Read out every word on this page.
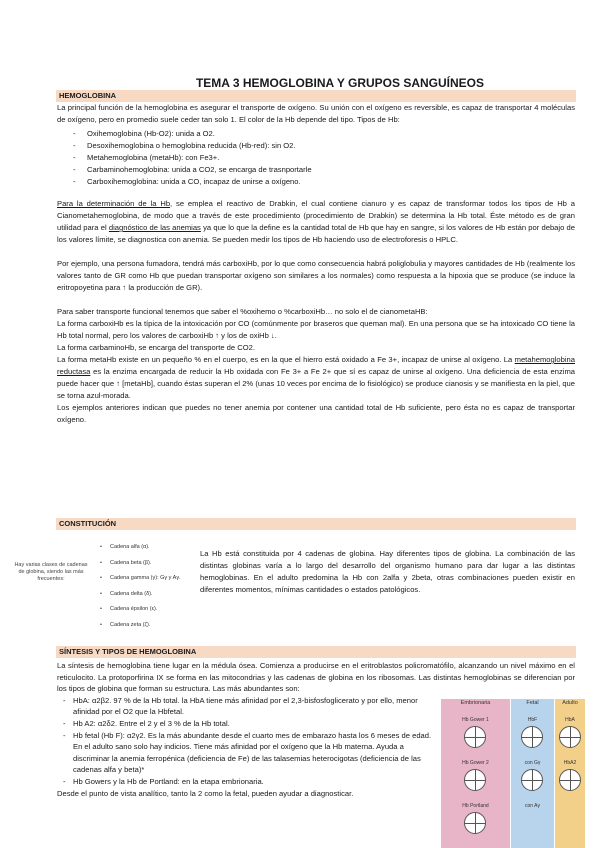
TEMA 3 HEMOGLOBINA Y GRUPOS SANGUÍNEOS
HEMOGLOBINA

La principal función de la hemoglobina es asegurar el transporte de oxígeno. Su unión con el oxígeno es reversible, es capaz de transportar 4 moléculas de oxígeno, pero en promedio suele ceder tan solo 1. El color de la Hb depende del tipo. Tipos de Hb:

- Oxihemoglobina (Hb-O2): unida a O2.
- Desoxihemoglobina o hemoglobina reducida (Hb-red): sin O2.
- Metahemoglobina (metaHb): con Fe3+.
- Carbaminohemoglobina: unida a CO2, se encarga de trasnportarle
- Carboxihemoglobina: unida a CO, incapaz de unirse a oxígeno.

Para la determinación de la Hb, se emplea el reactivo de Drabkin, el cual contiene cianuro y es capaz de transformar todos los tipos de Hb a Cianometahemoglobina, de modo que a través de este procedimiento (procedimiento de Drabkin) se determina la Hb total. Éste método es de gran utilidad para el diagnóstico de las anemias ya que lo que la define es la cantidad total de Hb que hay en sangre, si los valores de Hb están por debajo de los valores límite, se diagnostica con anemia. Se pueden medir los tipos de Hb haciendo uso de electroforesis o HPLC.

Por ejemplo, una persona fumadora, tendrá más carboxiHb, por lo que como consecuencia habrá poliglobulia y mayores cantidades de Hb (realmente los valores tanto de GR como Hb que puedan transportar oxígeno son similares a los normales) como respuesta a la hipoxia que se produce (se induce la eritropoyetina para ↑ la producción de GR).

Para saber transporte funcional tenemos que saber el %oxihemo o %carboxiHb… no solo el de cianometaHB:

La forma carboxiHb es la típica de la intoxicación por CO (comúnmente por braseros que queman mal). En una persona que se ha intoxicado CO tiene la Hb total normal, pero los valores de carboxiHb ↑ y los de oxiHb ↓.

La forma carbaminoHb, se encarga del transporte de CO2.

La forma metaHb existe en un pequeño % en el cuerpo, es en la que el hierro está oxidado a Fe 3+, incapaz de unirse al oxígeno. La metahemoglobina reductasa es la enzima encargada de reducir la Hb oxidada con Fe 3+ a Fe 2+ que sí es capaz de unirse al oxígeno. Una deficiencia de esta enzima puede hacer que ↑ [metaHb], cuando éstas superan el 2% (unas 10 veces por encima de lo fisiológico) se produce cianosis y se manifiesta en la piel, que se torna azul-morada.

Los ejemplos anteriores indican que puedes no tener anemia por contener una cantidad total de Hb suficiente, pero ésta no es capaz de transportar oxígeno.

CONSTITUCIÓN
Hay varias clases de cadenas de globina, siendo las más frecuentes:
• Cadena alfa (α).
• Cadena beta (β).
• Cadena gamma (γ): Gγ y Aγ.
• Cadena delta (δ).
• Cadena épsilon (ε).
• Cadena zeta (ζ).
La Hb está constituida por 4 cadenas de globina. Hay diferentes tipos de globina. La combinación de las distintas globinas varía a lo largo del desarrollo del organismo humano para dar lugar a las distintas hemoglobinas. En el adulto predomina la Hb con 2alfa y 2beta, otras combinaciones pueden existir en diferentes momentos, mínimas cantidades o estados patológicos.
SÍNTESIS Y TIPOS DE HEMOGLOBINA

La síntesis de hemoglobina tiene lugar en la médula ósea. Comienza a producirse en el eritroblastos policromatófilo, alcanzando un nivel máximo en el reticulocito. La protoporfirina IX se forma en las mitocondrias y las cadenas de globina en los ribosomas. Las distintas hemoglobinas se diferencian por los tipos de globina que forman su estructura. Las más abundantes son:

- HbA: α2β2. 97 % de la Hb total. la HbA tiene más afinidad por el 2,3-bisfosfoglicerato y por ello, menor afinidad por el O2 que la Hbfetal.
- Hb A2: α2δ2. Entre el 2 y el 3 % de la Hb total.
- Hb fetal (Hb F): α2γ2. Es la más abundante desde el cuarto mes de embarazo hasta los 6 meses de edad. En el adulto sano solo hay indicios. Tiene más afinidad por el oxígeno que la Hb materna. Ayuda a discriminar la anemia ferropénica (deficiencia de Fe) de las talasemias heterocigotas (deficiencia de las cadenas alfa y beta)*
- Hb Gowers y la Hb de Portland: en la etapa embrionaria.

Desde el punto de vista analítico, tanto la 2 como la fetal, pueden ayudar a diagnosticar.

Embrionaria
Hb Gower 1
Hb Gower 2
Hb Portland
Fetal
HbF
con Gγ
con Aγ
Adulto
HbA
HbA2
